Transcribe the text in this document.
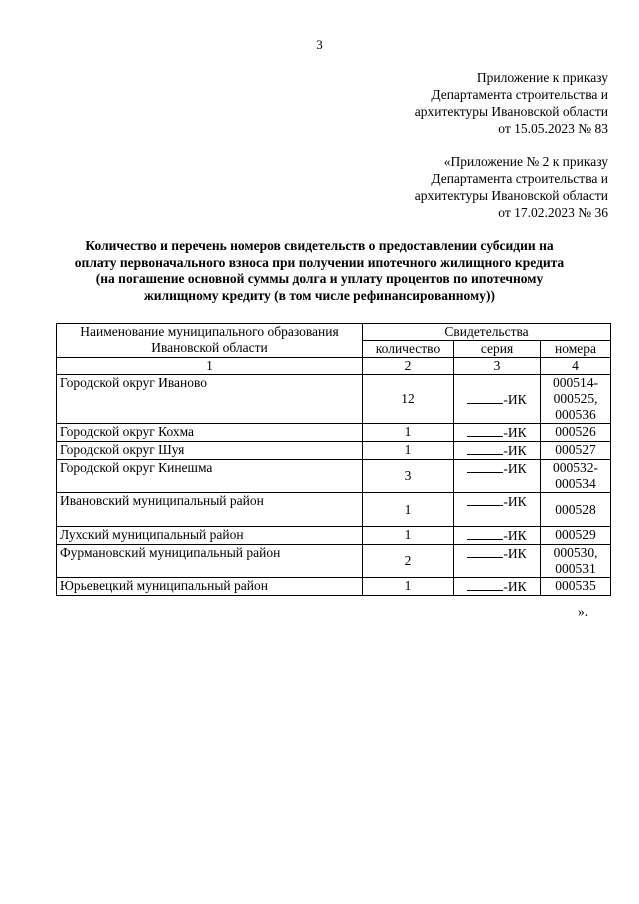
3
Приложение к приказу
Департамента строительства и
архитектуры Ивановской области
от 15.05.2023 № 83
«Приложение № 2 к приказу
Департамента строительства и
архитектуры Ивановской области
от 17.02.2023 № 36
Количество и перечень номеров свидетельств о предоставлении субсидии на
оплату первоначального взноса при получении ипотечного жилищного кредита
(на погашение основной суммы долга и уплату процентов по ипотечному
жилищному кредиту (в том числе рефинансированному))
Наименование муниципального образования
Ивановской области	Свидетельства		
	количество	серия	номера
1	2	3	4
Городской округ Иваново	12	-ИК	000514-
000525,
000536

Городской округ Кохма	1	-ИК	000526

Городской округ Шуя	1	-ИК	000527

Городской округ Кинешма	3	-ИК	000532-
000534

Ивановский муниципальный район	1	-ИК	000528

Лухский муниципальный район	1	-ИК	000529

Фурмановский муниципальный район	2	-ИК	000530,
000531

Юрьевецкий муниципальный район	1	-ИК	000535
».
